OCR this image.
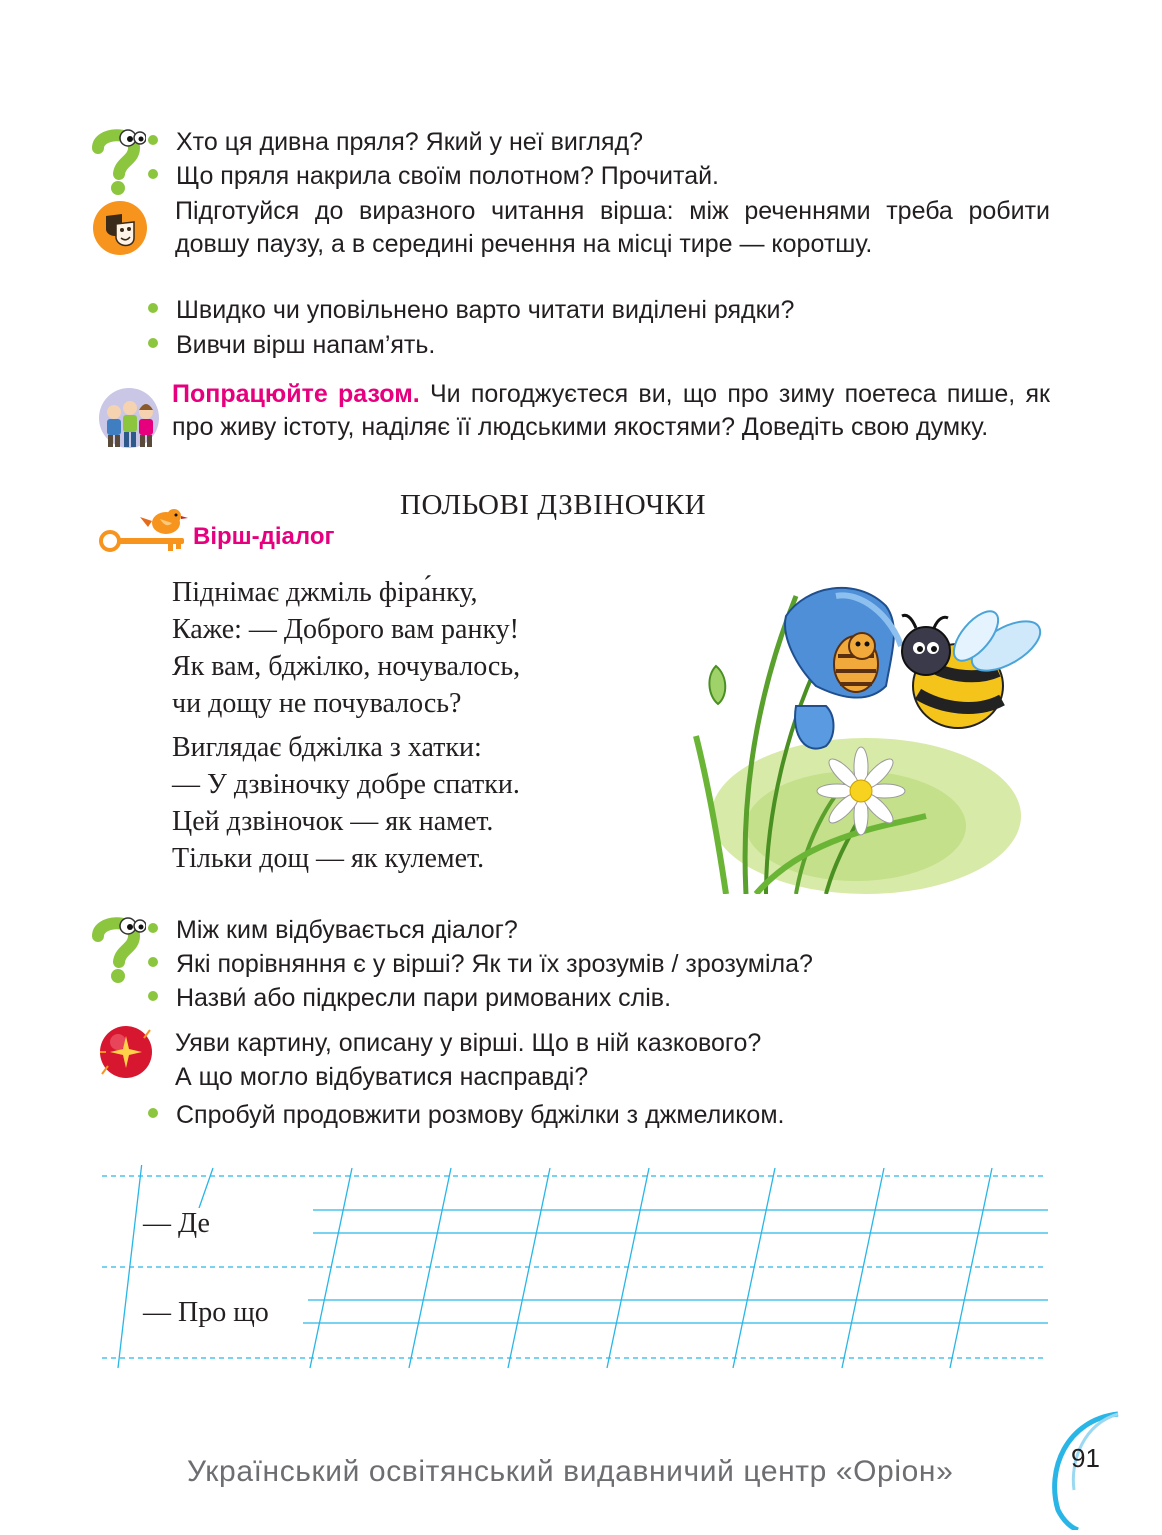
Хто ця дивна пряля? Який у неї вигляд?
Що пряля накрила своїм полотном? Прочитай.
Підготуйся до виразного читання вірша: між реченнями треба робити довшу паузу, а в середині речення на місці тире — коротшу.
Швидко чи уповільнено варто читати виділені рядки?
Вивчи вірш напам’ять.
Попрацюйте разом. Чи погоджуєтеся ви, що про зиму поетеса пише, як про живу істоту, наділяє її людськими якостями? Доведіть свою думку.
ПОЛЬОВІ ДЗВІНОЧКИ
Вірш-діалог
Піднімає джміль фіра́нку,
Каже: — Доброго вам ранку!
Як вам, бджілко, ночувалось,
чи дощу не почувалось?
Виглядає бджілка з хатки:
— У дзвіночку добре спатки.
Цей дзвіночок — як намет.
Тільки дощ — як кулемет.
Між ким відбувається діалог?
Які порівняння є у вірші? Як ти їх зрозумів / зрозуміла?
Назви́ або підкресли пари римованих слів.
Уяви картину, описану у вірші. Що в ній казкового?
А що могло відбуватися насправді?
Спробуй продовжити розмову бджілки з джмеликом.
— Де
— Про що
Український освітянський видавничий центр «Оріон»	91
